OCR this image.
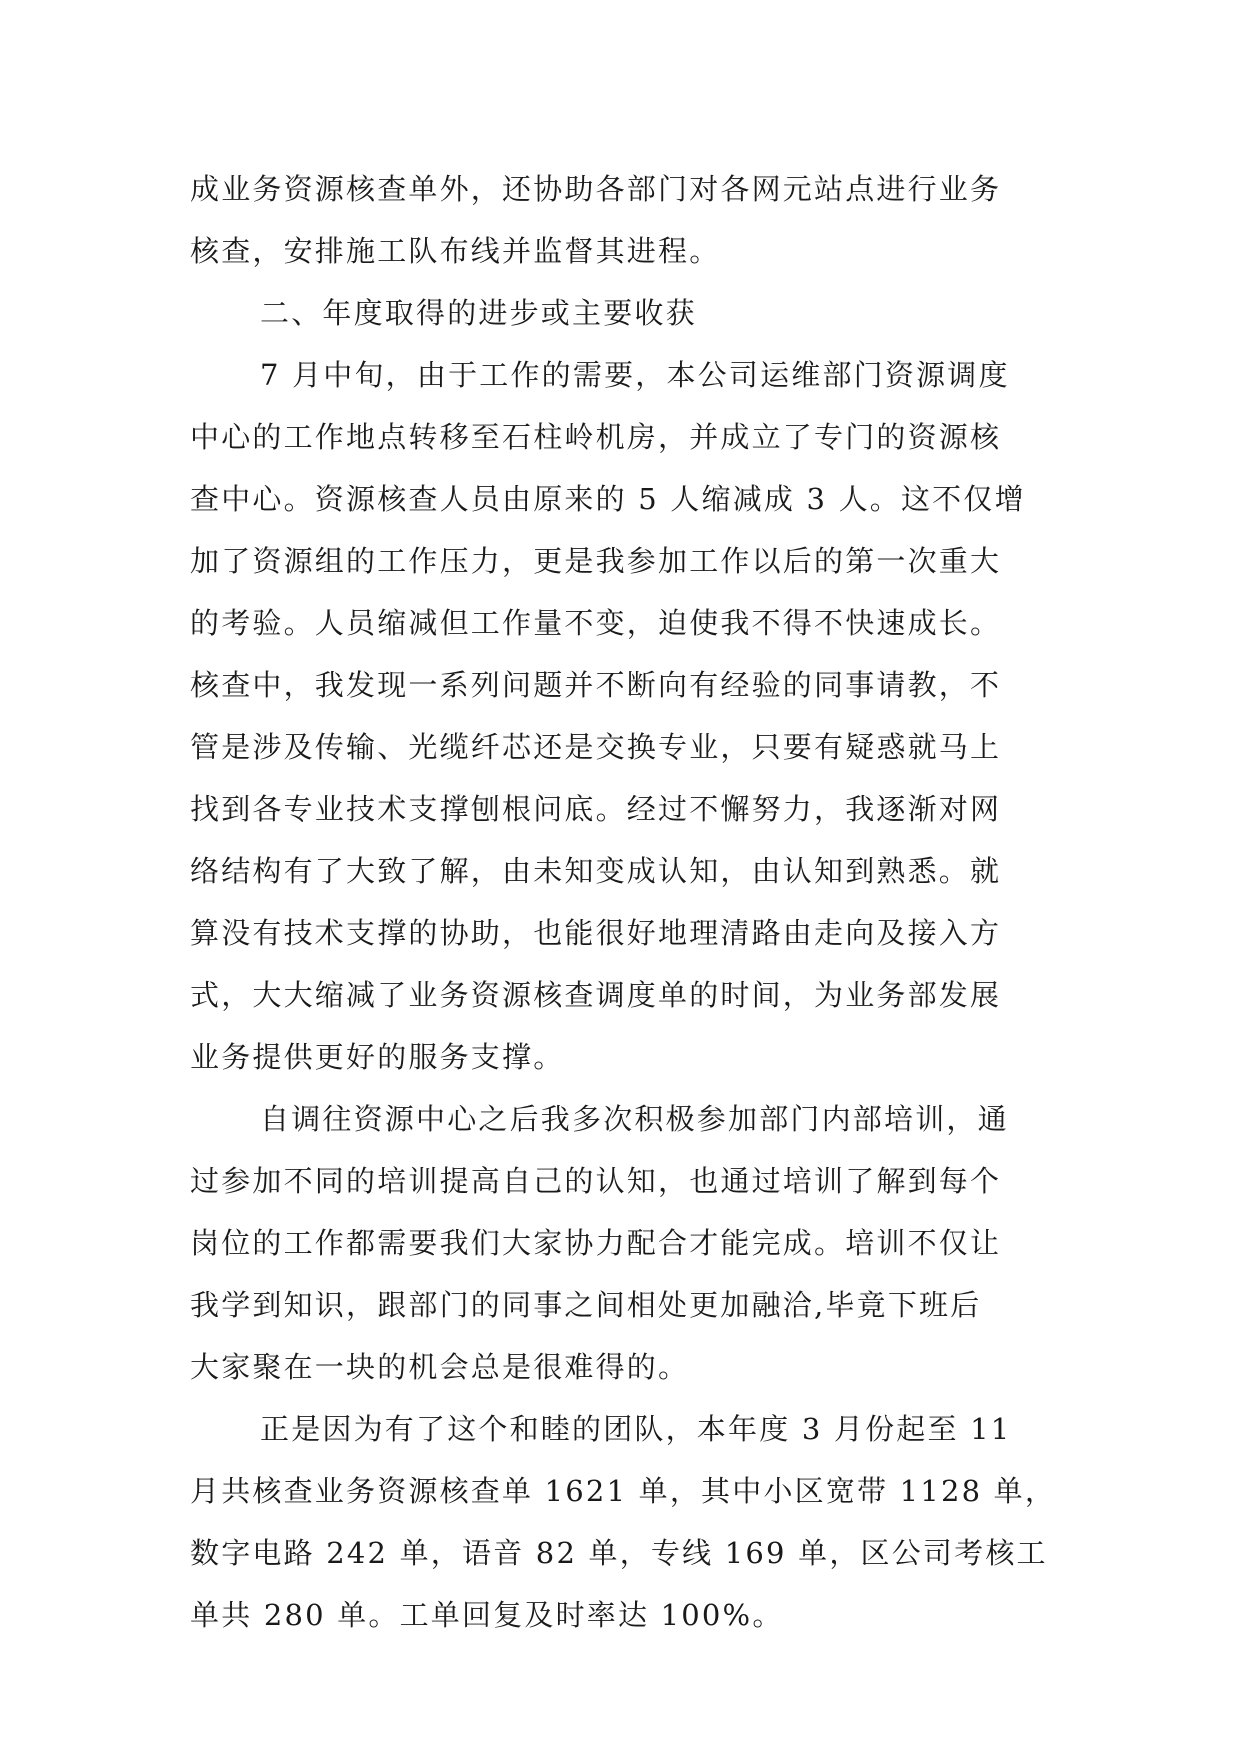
成业务资源核查单外，还协助各部门对各网元站点进行业务
核查，安排施工队布线并监督其进程。
二、年度取得的进步或主要收获
7 月中旬，由于工作的需要，本公司运维部门资源调度
中心的工作地点转移至石柱岭机房，并成立了专门的资源核
查中心。资源核查人员由原来的 5 人缩减成 3 人。这不仅增
加了资源组的工作压力，更是我参加工作以后的第一次重大
的考验。人员缩减但工作量不变，迫使我不得不快速成长。
核查中，我发现一系列问题并不断向有经验的同事请教，不
管是涉及传输、光缆纤芯还是交换专业，只要有疑惑就马上
找到各专业技术支撑刨根问底。经过不懈努力，我逐渐对网
络结构有了大致了解，由未知变成认知，由认知到熟悉。就
算没有技术支撑的协助，也能很好地理清路由走向及接入方
式，大大缩减了业务资源核查调度单的时间，为业务部发展
业务提供更好的服务支撑。
自调往资源中心之后我多次积极参加部门内部培训，通
过参加不同的培训提高自己的认知，也通过培训了解到每个
岗位的工作都需要我们大家协力配合才能完成。培训不仅让
我学到知识，跟部门的同事之间相处更加融洽,毕竟下班后
大家聚在一块的机会总是很难得的。
正是因为有了这个和睦的团队，本年度 3 月份起至 11
月共核查业务资源核查单 1621 单，其中小区宽带 1128 单，
数字电路 242 单，语音 82 单，专线 169 单，区公司考核工
单共 280 单。工单回复及时率达 100%。
